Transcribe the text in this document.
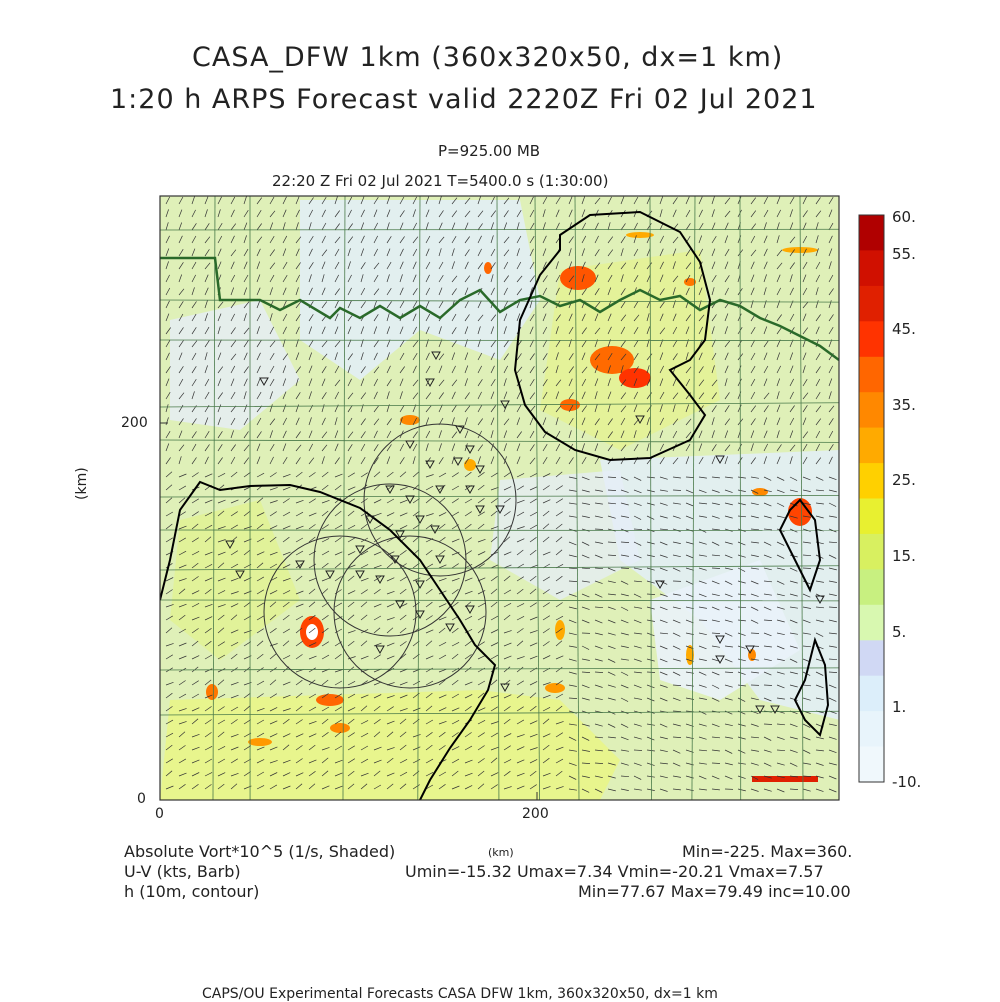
CASA_DFW 1km (360x320x50, dx=1 km)
1:20 h ARPS Forecast valid 2220Z Fri 02 Jul 2021
P=925.00 MB
22:20 Z Fri 02 Jul 2021 T=5400.0 s (1:30:00)
(km)
200
0
0	200
60.
55.
45.
35.
25.
15.
5.
1.
-10.
Absolute Vort*10^5 (1/s, Shaded)	(km)	Min=-225. Max=360.
U-V (kts, Barb)	Umin=-15.32 Umax=7.34 Vmin=-20.21 Vmax=7.57
h (10m, contour)	Min=77.67 Max=79.49 inc=10.00
CAPS/OU Experimental Forecasts CASA DFW 1km, 360x320x50, dx=1 km
